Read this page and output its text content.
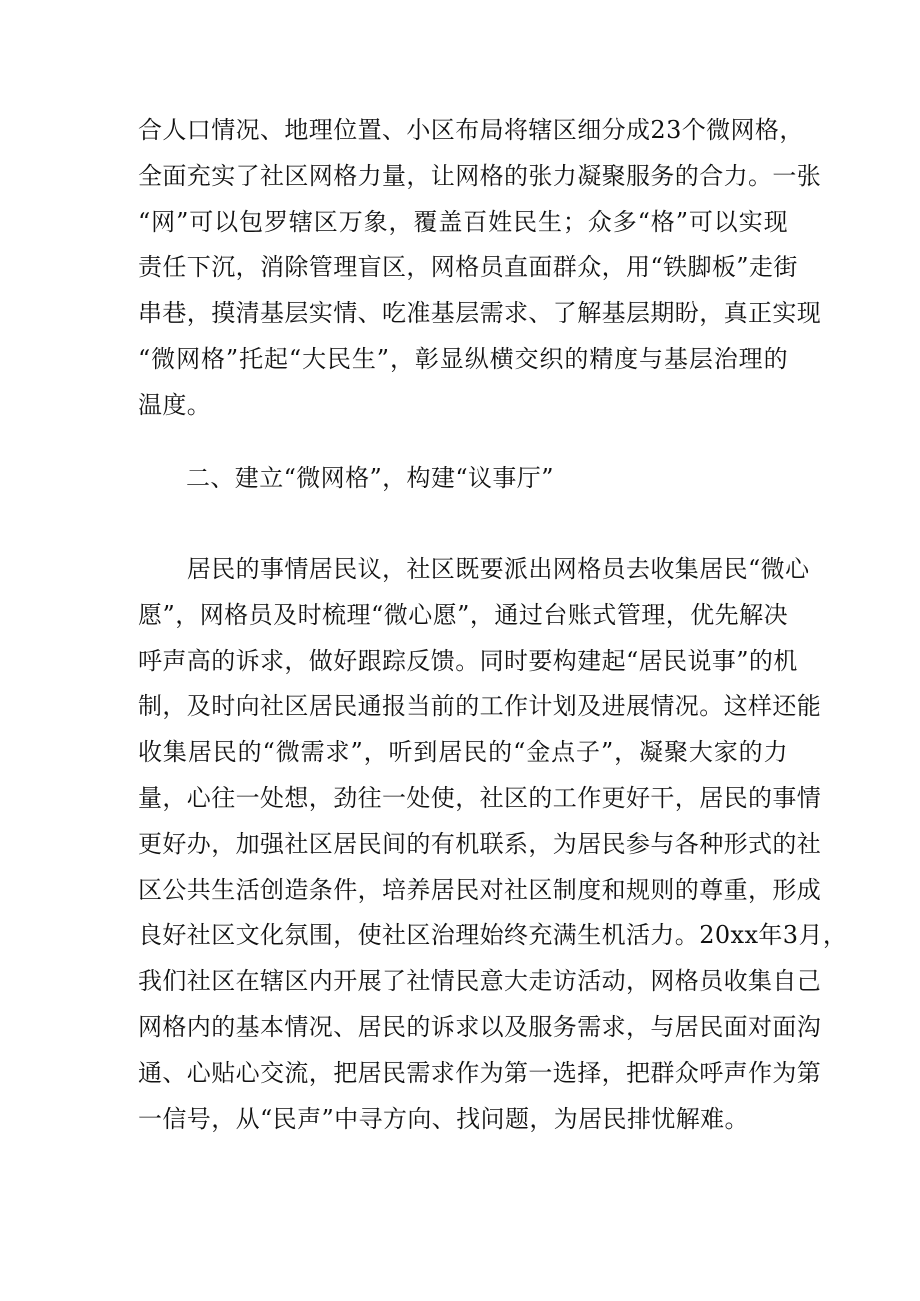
合人口情况、地理位置、小区布局将辖区细分成23个微网格，
全面充实了社区网格力量，让网格的张力凝聚服务的合力。一张
“网”可以包罗辖区万象，覆盖百姓民生；众多“格”可以实现
责任下沉，消除管理盲区，网格员直面群众，用“铁脚板”走街
串巷，摸清基层实情、吃准基层需求、了解基层期盼，真正实现
“微网格”托起“大民生”，彰显纵横交织的精度与基层治理的
温度。
二、建立“微网格”，构建“议事厅”
　　居民的事情居民议，社区既要派出网格员去收集居民“微心
愿”，网格员及时梳理“微心愿”，通过台账式管理，优先解决
呼声高的诉求，做好跟踪反馈。同时要构建起“居民说事”的机
制，及时向社区居民通报当前的工作计划及进展情况。这样还能
收集居民的“微需求”，听到居民的“金点子”，凝聚大家的力
量，心往一处想，劲往一处使，社区的工作更好干，居民的事情
更好办，加强社区居民间的有机联系，为居民参与各种形式的社
区公共生活创造条件，培养居民对社区制度和规则的尊重，形成
良好社区文化氛围，使社区治理始终充满生机活力。20xx年3月，
我们社区在辖区内开展了社情民意大走访活动，网格员收集自己
网格内的基本情况、居民的诉求以及服务需求，与居民面对面沟
通、心贴心交流，把居民需求作为第一选择，把群众呼声作为第
一信号，从“民声”中寻方向、找问题，为居民排忧解难。
